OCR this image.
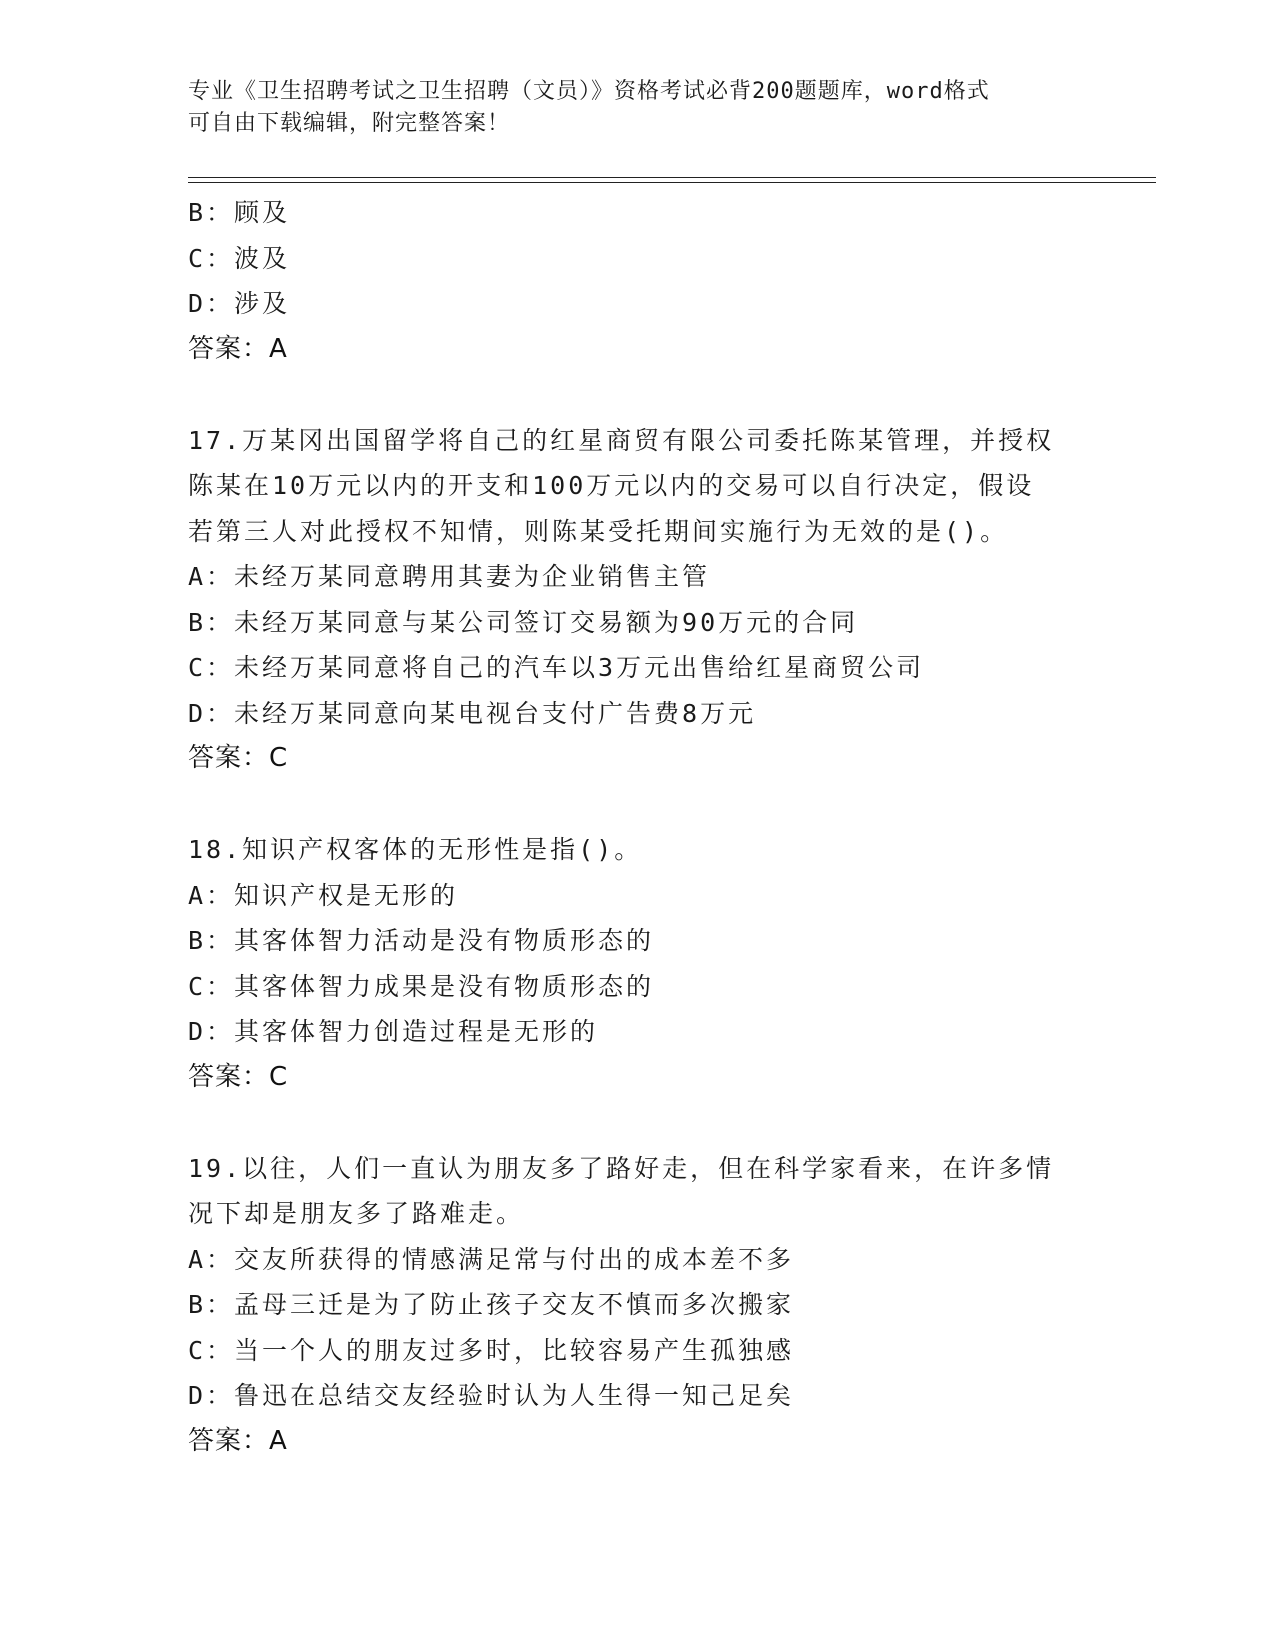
专业《卫生招聘考试之卫生招聘（文员）》资格考试必背200题题库，word格式
可自由下载编辑，附完整答案！
B：顾及
C：波及
D：涉及
答案：A
17.万某冈出国留学将自己的红星商贸有限公司委托陈某管理，并授权
陈某在10万元以内的开支和100万元以内的交易可以自行决定，假设
若第三人对此授权不知情，则陈某受托期间实施行为无效的是()。
A：未经万某同意聘用其妻为企业销售主管
B：未经万某同意与某公司签订交易额为90万元的合同
C：未经万某同意将自己的汽车以3万元出售给红星商贸公司
D：未经万某同意向某电视台支付广告费8万元
答案：C
18.知识产权客体的无形性是指()。
A：知识产权是无形的
B：其客体智力活动是没有物质形态的
C：其客体智力成果是没有物质形态的
D：其客体智力创造过程是无形的
答案：C
19.以往，人们一直认为朋友多了路好走，但在科学家看来，在许多情
况下却是朋友多了路难走。
A：交友所获得的情感满足常与付出的成本差不多
B：孟母三迁是为了防止孩子交友不慎而多次搬家
C：当一个人的朋友过多时，比较容易产生孤独感
D：鲁迅在总结交友经验时认为人生得一知己足矣
答案：A
